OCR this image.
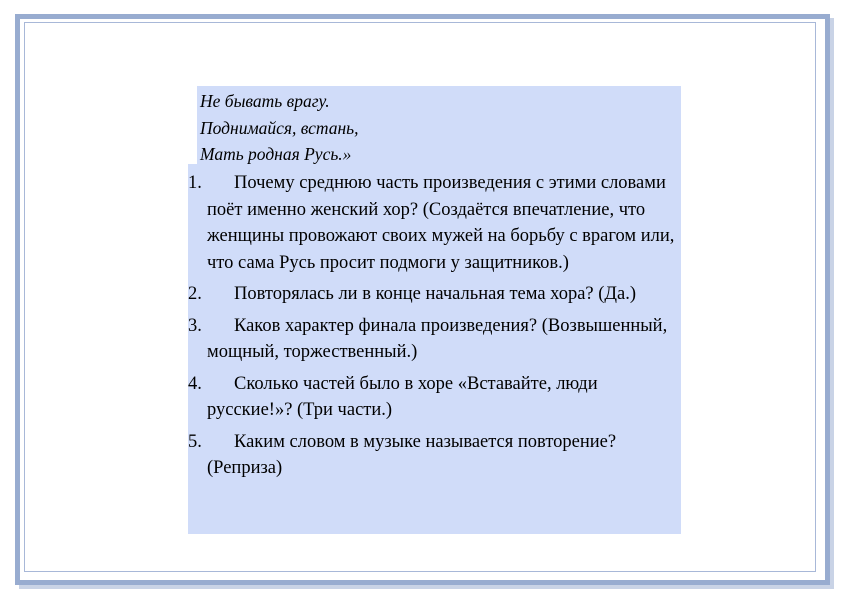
Не бывать врагу.
Поднимайся, встань,
Мать родная Русь.»
1.	Почему среднюю часть произведения с этими словами поёт именно женский хор? (Создаётся впечатление, что женщины провожают своих мужей на борьбу с врагом или, что сама Русь просит подмоги у защитников.)
2.	Повторялась ли в конце начальная тема хора? (Да.)
3.	Каков характер финала произведения? (Возвышенный, мощный, торжественный.)
4.	Сколько частей было в хоре «Вставайте, люди русские!»? (Три части.)
5.	Каким словом в музыке называется повторение? (Реприза)
